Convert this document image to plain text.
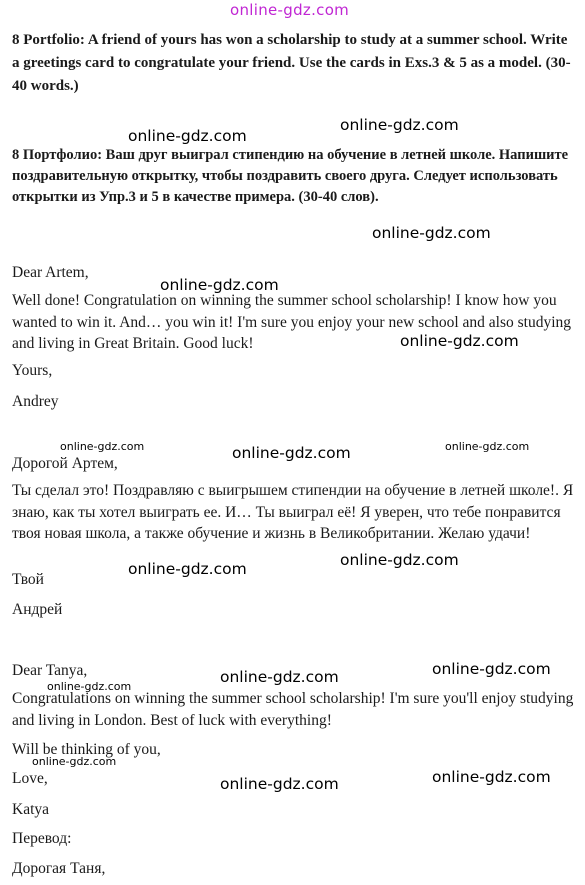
online-gdz.com

8 Portfolio: A friend of yours has won a scholarship to study at a summer school. Write a greetings card to congratulate your friend. Use the cards in Exs.3 & 5 as a model. (30-40 words.)

8 Портфолио: Ваш друг выиграл стипендию на обучение в летней школе. Напишите поздравительную открытку, чтобы поздравить своего друга. Следует использовать открытки из Упр.3 и 5 в качестве примера. (30-40 слов).

Dear Artem,

Well done! Congratulation on winning the summer school scholarship! I know how you wanted to win it. And… you win it! I'm sure you enjoy your new school and also studying and living in Great Britain. Good luck!

Yours,

Andrey

Дорогой Артем,

Ты сделал это! Поздравляю с выигрышем стипендии на обучение в летней школе!. Я знаю, как ты хотел выиграть ее. И… Ты выиграл её! Я уверен, что тебе понравится твоя новая школа, а также обучение и жизнь в Великобритании. Желаю удачи!

Твой

Андрей

Dear Tanya,

Congratulations on winning the summer school scholarship! I'm sure you'll enjoy studying and living in London. Best of luck with everything!

Will be thinking of you,

Love,

Katya

Перевод:

Дорогая Таня,

online-gdz.com
online-gdz.com
online-gdz.com
online-gdz.com
online-gdz.com
online-gdz.com	online-gdz.com	online-gdz.com
online-gdz.com
online-gdz.com
online-gdz.com	online-gdz.com
online-gdz.com
online-gdz.com
online-gdz.com	online-gdz.com
